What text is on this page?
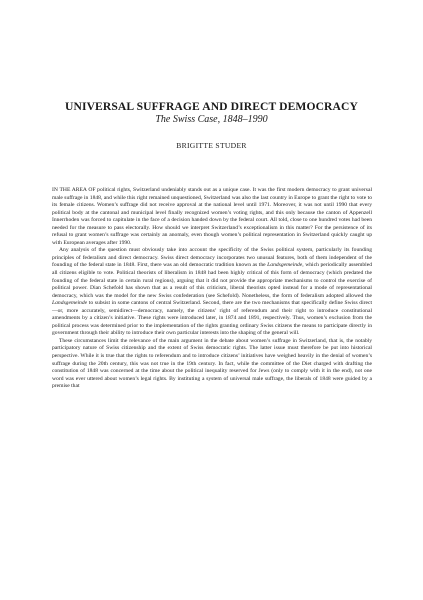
UNIVERSAL SUFFRAGE AND DIRECT DEMOCRACY
The Swiss Case, 1848–1990
BRIGITTE STUDER

IN THE AREA OF political rights, Switzerland undeniably stands out as a unique case. It was the first modern democracy to grant universal male suffrage in 1848, and while this right remained unquestioned, Switzerland was also the last country in Europe to grant the right to vote to its female citizens. Women’s suffrage did not receive approval at the national level until 1971. Moreover, it was not until 1990 that every political body at the cantonal and municipal level finally recognized women’s voting rights, and this only because the canton of Appenzell Innerrhoden was forced to capitulate in the face of a decision handed down by the federal court. All told, close to one hundred votes had been needed for the measure to pass electorally. How should we interpret Switzerland’s exceptionalism in this matter? For the persistence of its refusal to grant women’s suffrage was certainly an anomaly, even though women’s political representation in Switzerland quickly caught up with European averages after 1990.

Any analysis of the question must obviously take into account the specificity of the Swiss political system, particularly its founding principles of federalism and direct democracy. Swiss direct democracy incorporates two unusual features, both of them independent of the founding of the federal state in 1848. First, there was an old democratic tradition known as the Landsgemeinde, which periodically assembled all citizens eligible to vote. Political theorists of liberalism in 1848 had been highly critical of this form of democracy (which predated the founding of the federal state in certain rural regions), arguing that it did not provide the appropriate mechanisms to control the exercise of political power. Dian Schefold has shown that as a result of this criticism, liberal theorists opted instead for a mode of representational democracy, which was the model for the new Swiss confederation (see Schefold). Nonetheless, the form of federalism adopted allowed the Landsgemeinde to subsist in some cantons of central Switzerland. Second, there are the two mechanisms that specifically define Swiss direct—or, more accurately, semidirect—democracy, namely, the citizens’ right of referendum and their right to introduce constitutional amendments by a citizen’s initiative. These rights were introduced later, in 1874 and 1891, respectively. Thus, women’s exclusion from the political process was determined prior to the implementation of the rights granting ordinary Swiss citizens the means to participate directly in government through their ability to introduce their own particular interests into the shaping of the general will.

These circumstances limit the relevance of the main argument in the debate about women’s suffrage in Switzerland, that is, the notably participatory nature of Swiss citizenship and the extent of Swiss democratic rights. The latter issue must therefore be put into historical perspective. While it is true that the rights to referendum and to introduce citizens’ initiatives have weighed heavily in the denial of women’s suffrage during the 20th century, this was not true in the 19th century. In fact, while the committee of the Diet charged with drafting the constitution of 1848 was concerned at the time about the political inequality reserved for Jews (only to comply with it in the end), not one word was ever uttered about women’s legal rights. By instituting a system of universal male suffrage, the liberals of 1848 were guided by a premise that
